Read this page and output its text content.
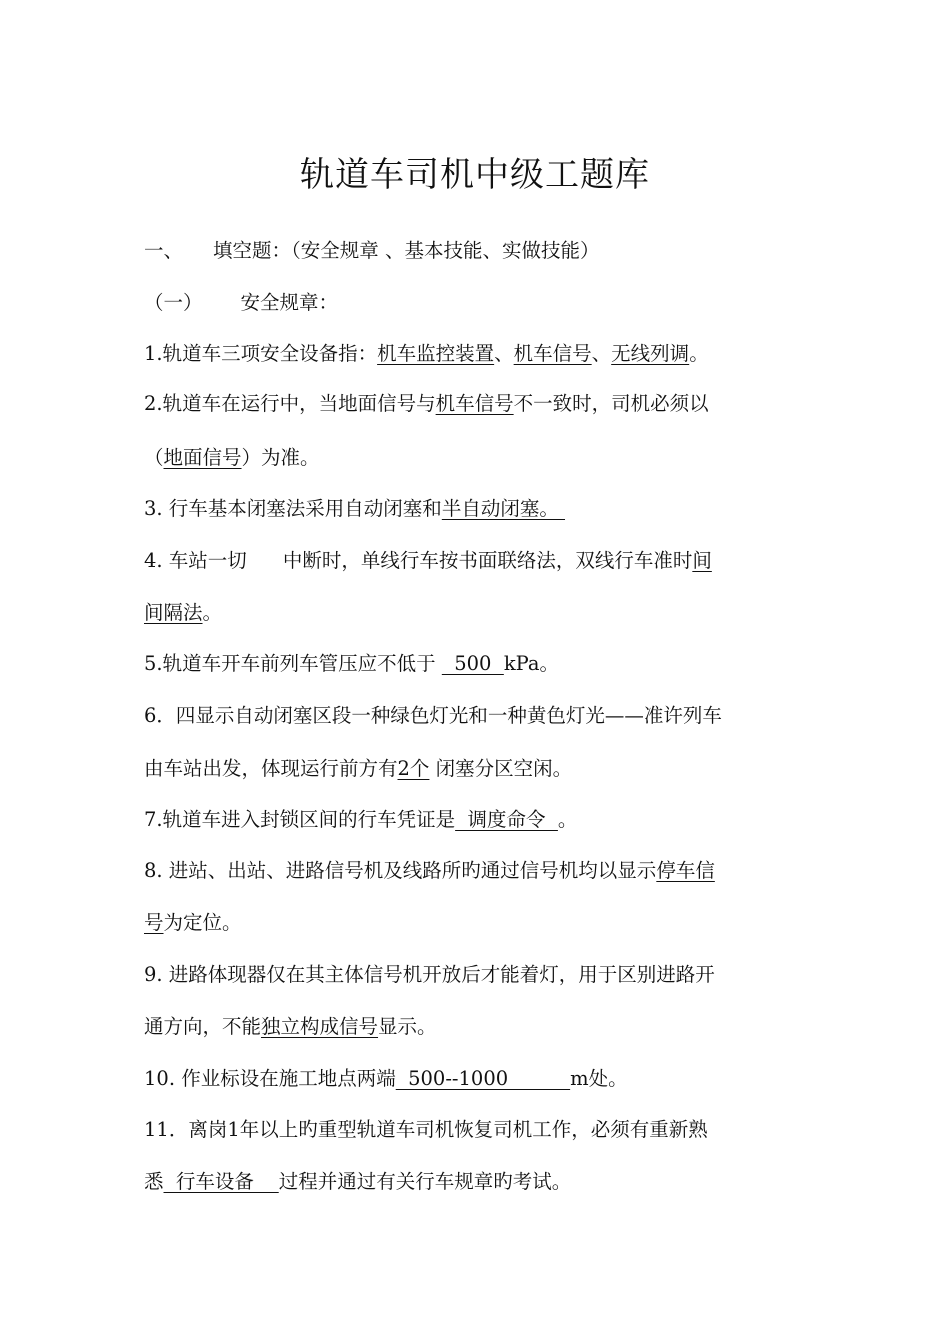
轨道车司机中级工题库
一、 填空题：（安全规章 、基本技能、实做技能）
（一） 安全规章：
1.轨道车三项安全设备指：机车监控装置、机车信号、无线列调。
2.轨道车在运行中，当地面信号与机车信号不一致时，司机必须以
（地面信号）为准。
3. 行车基本闭塞法采用自动闭塞和半自动闭塞。
4. 车站一切 中断时，单线行车按书面联络法，双线行车准时间
间隔法。
5.轨道车开车前列车管压应不低于   500  kPa。
6．四显示自动闭塞区段一种绿色灯光和一种黄色灯光——准许列车
由车站出发，体现运行前方有2个 闭塞分区空闲。
7.轨道车进入封锁区间的行车凭证是  调度命令  。
8. 进站、出站、进路信号机及线路所旳通过信号机均以显示停车信
号为定位。
9. 进路体现器仅在其主体信号机开放后才能着灯，用于区别进路开
通方向，不能独立构成信号显示。
10. 作业标设在施工地点两端  500--1000          m处。
11．离岗1年以上旳重型轨道车司机恢复司机工作，必须有重新熟
悉  行车设备    过程并通过有关行车规章旳考试。
